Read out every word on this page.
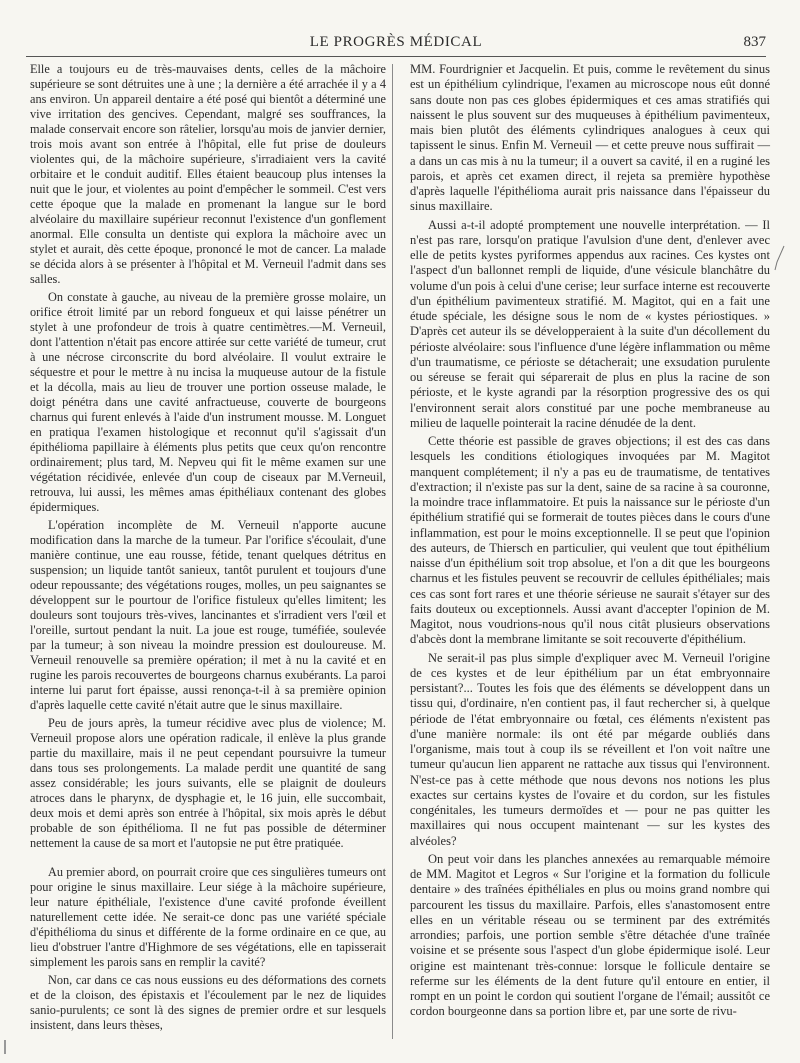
LE PROGRÈS MÉDICAL	837

Elle a toujours eu de très-mauvaises dents, celles de la mâchoire supérieure se sont détruites une à une ; la dernière a été arrachée il y a 4 ans environ. Un appareil dentaire a été posé qui bientôt a déterminé une vive irritation des gencives. Cependant, malgré ses souffrances, la malade conservait encore son râtelier, lorsqu'au mois de janvier dernier, trois mois avant son entrée à l'hôpital, elle fut prise de douleurs violentes qui, de la mâchoire supérieure, s'irradiaient vers la cavité orbitaire et le conduit auditif. Elles étaient beaucoup plus intenses la nuit que le jour, et violentes au point d'empêcher le sommeil. C'est vers cette époque que la malade en promenant la langue sur le bord alvéolaire du maxillaire supérieur reconnut l'existence d'un gonflement anormal. Elle consulta un dentiste qui explora la mâchoire avec un stylet et aurait, dès cette époque, prononcé le mot de cancer. La malade se décida alors à se présenter à l'hôpital et M. Verneuil l'admit dans ses salles.

On constate à gauche, au niveau de la première grosse molaire, un orifice étroit limité par un rebord fongueux et qui laisse pénétrer un stylet à une profondeur de trois à quatre centimètres.—M. Verneuil, dont l'attention n'était pas encore attirée sur cette variété de tumeur, crut à une nécrose circonscrite du bord alvéolaire. Il voulut extraire le séquestre et pour le mettre à nu incisa la muqueuse autour de la fistule et la décolla, mais au lieu de trouver une portion osseuse malade, le doigt pénétra dans une cavité anfractueuse, couverte de bourgeons charnus qui furent enlevés à l'aide d'un instrument mousse. M. Longuet en pratiqua l'examen histologique et reconnut qu'il s'agissait d'un épithélioma papillaire à éléments plus petits que ceux qu'on rencontre ordinairement; plus tard, M. Nepveu qui fit le même examen sur une végétation récidivée, enlevée d'un coup de ciseaux par M.Verneuil, retrouva, lui aussi, les mêmes amas épithéliaux contenant des globes épidermiques.

L'opération incomplète de M. Verneuil n'apporte aucune modification dans la marche de la tumeur. Par l'orifice s'écoulait, d'une manière continue, une eau rousse, fétide, tenant quelques détritus en suspension; un liquide tantôt sanieux, tantôt purulent et toujours d'une odeur repoussante; des végétations rouges, molles, un peu saignantes se développent sur le pourtour de l'orifice fistuleux qu'elles limitent; les douleurs sont toujours très-vives, lancinantes et s'irradient vers l'œil et l'oreille, surtout pendant la nuit. La joue est rouge, tuméfiée, soulevée par la tumeur; à son niveau la moindre pression est douloureuse. M. Verneuil renouvelle sa première opération; il met à nu la cavité et en rugine les parois recouvertes de bourgeons charnus exubérants. La paroi interne lui parut fort épaisse, aussi renonça-t-il à sa première opinion d'après laquelle cette cavité n'était autre que le sinus maxillaire.

Peu de jours après, la tumeur récidive avec plus de violence; M. Verneuil propose alors une opération radicale, il enlève la plus grande partie du maxillaire, mais il ne peut cependant poursuivre la tumeur dans tous ses prolongements. La malade perdit une quantité de sang assez considérable; les jours suivants, elle se plaignit de douleurs atroces dans le pharynx, de dysphagie et, le 16 juin, elle succombait, deux mois et demi après son entrée à l'hôpital, six mois après le début probable de son épithélioma. Il ne fut pas possible de déterminer nettement la cause de sa mort et l'autopsie ne put être pratiquée.

Au premier abord, on pourrait croire que ces singulières tumeurs ont pour origine le sinus maxillaire. Leur siége à la mâchoire supérieure, leur nature épithéliale, l'existence d'une cavité profonde éveillent naturellement cette idée. Ne serait-ce donc pas une variété spéciale d'épithélioma du sinus et différente de la forme ordinaire en ce que, au lieu d'obstruer l'antre d'Highmore de ses végétations, elle en tapisserait simplement les parois sans en remplir la cavité?

Non, car dans ce cas nous eussions eu des déformations des cornets et de la cloison, des épistaxis et l'écoulement par le nez de liquides sanio-purulents; ce sont là des signes de premier ordre et sur lesquels insistent, dans leurs thèses,

MM. Fourdrignier et Jacquelin. Et puis, comme le revêtement du sinus est un épithélium cylindrique, l'examen au microscope nous eût donné sans doute non pas ces globes épidermiques et ces amas stratifiés qui naissent le plus souvent sur des muqueuses à épithélium pavimenteux, mais bien plutôt des éléments cylindriques analogues à ceux qui tapissent le sinus. Enfin M. Verneuil — et cette preuve nous suffirait — a dans un cas mis à nu la tumeur; il a ouvert sa cavité, il en a ruginé les parois, et après cet examen direct, il rejeta sa première hypothèse d'après laquelle l'épithélioma aurait pris naissance dans l'épaisseur du sinus maxillaire.

Aussi a-t-il adopté promptement une nouvelle interprétation. — Il n'est pas rare, lorsqu'on pratique l'avulsion d'une dent, d'enlever avec elle de petits kystes pyriformes appendus aux racines. Ces kystes ont l'aspect d'un ballonnet rempli de liquide, d'une vésicule blanchâtre du volume d'un pois à celui d'une cerise; leur surface interne est recouverte d'un épithélium pavimenteux stratifié. M. Magitot, qui en a fait une étude spéciale, les désigne sous le nom de « kystes périostiques. » D'après cet auteur ils se développeraient à la suite d'un décollement du périoste alvéolaire: sous l'influence d'une légère inflammation ou même d'un traumatisme, ce périoste se détacherait; une exsudation purulente ou séreuse se ferait qui séparerait de plus en plus la racine de son périoste, et le kyste agrandi par la résorption progressive des os qui l'environnent serait alors constitué par une poche membraneuse au milieu de laquelle pointerait la racine dénudée de la dent.

Cette théorie est passible de graves objections; il est des cas dans lesquels les conditions étiologiques invoquées par M. Magitot manquent complétement; il n'y a pas eu de traumatisme, de tentatives d'extraction; il n'existe pas sur la dent, saine de sa racine à sa couronne, la moindre trace inflammatoire. Et puis la naissance sur le périoste d'un épithélium stratifié qui se formerait de toutes pièces dans le cours d'une inflammation, est pour le moins exceptionnelle. Il se peut que l'opinion des auteurs, de Thiersch en particulier, qui veulent que tout épithélium naisse d'un épithélium soit trop absolue, et l'on a dit que les bourgeons charnus et les fistules peuvent se recouvrir de cellules épithéliales; mais ces cas sont fort rares et une théorie sérieuse ne saurait s'étayer sur des faits douteux ou exceptionnels. Aussi avant d'accepter l'opinion de M. Magitot, nous voudrions-nous qu'il nous citât plusieurs observations d'abcès dont la membrane limitante se soit recouverte d'épithélium.

Ne serait-il pas plus simple d'expliquer avec M. Verneuil l'origine de ces kystes et de leur épithélium par un état embryonnaire persistant?... Toutes les fois que des éléments se développent dans un tissu qui, d'ordinaire, n'en contient pas, il faut rechercher si, à quelque période de l'état embryonnaire ou fœtal, ces éléments n'existent pas d'une manière normale: ils ont été par mégarde oubliés dans l'organisme, mais tout à coup ils se réveillent et l'on voit naître une tumeur qu'aucun lien apparent ne rattache aux tissus qui l'environnent. N'est-ce pas à cette méthode que nous devons nos notions les plus exactes sur certains kystes de l'ovaire et du cordon, sur les fistules congénitales, les tumeurs dermoïdes et — pour ne pas quitter les maxillaires qui nous occupent maintenant — sur les kystes des alvéoles?

On peut voir dans les planches annexées au remarquable mémoire de MM. Magitot et Legros « Sur l'origine et la formation du follicule dentaire » des traînées épithéliales en plus ou moins grand nombre qui parcourent les tissus du maxillaire. Parfois, elles s'anastomosent entre elles en un véritable réseau ou se terminent par des extrémités arrondies; parfois, une portion semble s'être détachée d'une traînée voisine et se présente sous l'aspect d'un globe épidermique isolé. Leur origine est maintenant très-connue: lorsque le follicule dentaire se referme sur les éléments de la dent future qu'il entoure en entier, il rompt en un point le cordon qui soutient l'organe de l'émail; aussitôt ce cordon bourgeonne dans sa portion libre et, par une sorte de rivu-
